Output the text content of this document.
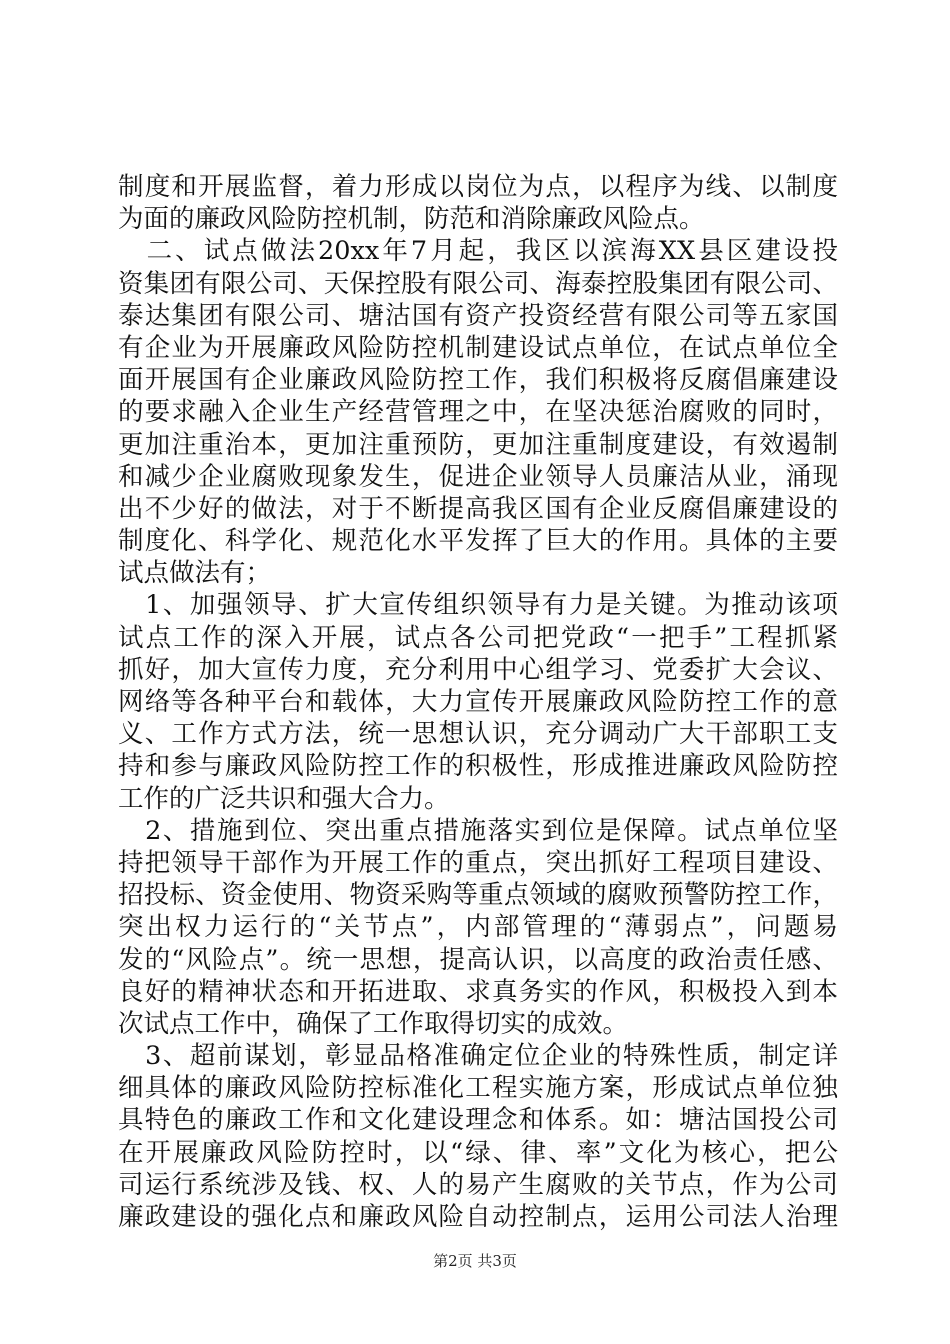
制度和开展监督，着力形成以岗位为点，以程序为线、以制度
为面的廉政风险防控机制，防范和消除廉政风险点。
　二、试点做法20xx年7月起，我区以滨海XX县区建设投
资集团有限公司、天保控股有限公司、海泰控股集团有限公司、
泰达集团有限公司、塘沽国有资产投资经营有限公司等五家国
有企业为开展廉政风险防控机制建设试点单位，在试点单位全
面开展国有企业廉政风险防控工作，我们积极将反腐倡廉建设
的要求融入企业生产经营管理之中，在坚决惩治腐败的同时，
更加注重治本，更加注重预防，更加注重制度建设，有效遏制
和减少企业腐败现象发生，促进企业领导人员廉洁从业，涌现
出不少好的做法，对于不断提高我区国有企业反腐倡廉建设的
制度化、科学化、规范化水平发挥了巨大的作用。具体的主要
试点做法有；
　1、加强领导、扩大宣传组织领导有力是关键。为推动该项
试点工作的深入开展，试点各公司把党政“一把手”工程抓紧
抓好，加大宣传力度，充分利用中心组学习、党委扩大会议、
网络等各种平台和载体，大力宣传开展廉政风险防控工作的意
义、工作方式方法，统一思想认识，充分调动广大干部职工支
持和参与廉政风险防控工作的积极性，形成推进廉政风险防控
工作的广泛共识和强大合力。
　2、措施到位、突出重点措施落实到位是保障。试点单位坚
持把领导干部作为开展工作的重点，突出抓好工程项目建设、
招投标、资金使用、物资采购等重点领域的腐败预警防控工作，
突出权力运行的“关节点”，内部管理的“薄弱点”，问题易
发的“风险点”。统一思想，提高认识，以高度的政治责任感、
良好的精神状态和开拓进取、求真务实的作风，积极投入到本
次试点工作中，确保了工作取得切实的成效。
　3、超前谋划，彰显品格准确定位企业的特殊性质，制定详
细具体的廉政风险防控标准化工程实施方案，形成试点单位独
具特色的廉政工作和文化建设理念和体系。如：塘沽国投公司
在开展廉政风险防控时，以“绿、律、率”文化为核心，把公
司运行系统涉及钱、权、人的易产生腐败的关节点，作为公司
廉政建设的强化点和廉政风险自动控制点，运用公司法人治理
第2页 共3页
